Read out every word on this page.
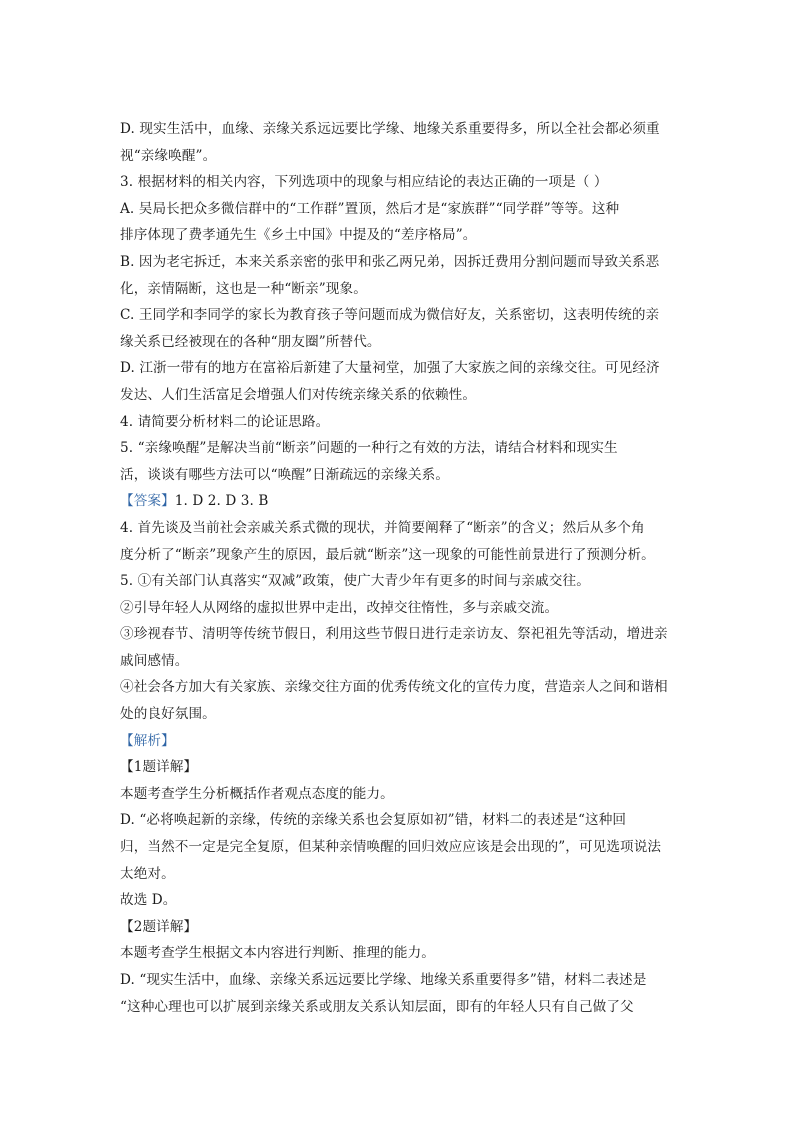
D. 现实生活中，血缘、亲缘关系远远要比学缘、地缘关系重要得多，所以全社会都必须重
视“亲缘唤醒”。
3. 根据材料的相关内容，下列选项中的现象与相应结论的表达正确的一项是（ ）
A. 吴局长把众多微信群中的“工作群”置顶，然后才是“家族群”“同学群”等等。这种
排序体现了费孝通先生《乡土中国》中提及的“差序格局”。
B. 因为老宅拆迁，本来关系亲密的张甲和张乙两兄弟，因拆迁费用分割问题而导致关系恶
化，亲情隔断，这也是一种“断亲”现象。
C. 王同学和李同学的家长为教育孩子等问题而成为微信好友，关系密切，这表明传统的亲
缘关系已经被现在的各种“朋友圈”所替代。
D. 江浙一带有的地方在富裕后新建了大量祠堂，加强了大家族之间的亲缘交往。可见经济
发达、人们生活富足会增强人们对传统亲缘关系的依赖性。
4. 请简要分析材料二的论证思路。
5. “亲缘唤醒”是解决当前“断亲”问题的一种行之有效的方法，请结合材料和现实生
活，谈谈有哪些方法可以“唤醒”日渐疏远的亲缘关系。
【答案】1. D 2. D 3. B
4. 首先谈及当前社会亲戚关系式微的现状，并简要阐释了“断亲”的含义；然后从多个角
度分析了“断亲”现象产生的原因，最后就“断亲”这一现象的可能性前景进行了预测分析。
5. ①有关部门认真落实“双减”政策，使广大青少年有更多的时间与亲戚交往。
②引导年轻人从网络的虚拟世界中走出，改掉交往惰性，多与亲戚交流。
③珍视春节、清明等传统节假日，利用这些节假日进行走亲访友、祭祀祖先等活动，增进亲
戚间感情。
④社会各方加大有关家族、亲缘交往方面的优秀传统文化的宣传力度，营造亲人之间和谐相
处的良好氛围。
【解析】
【1题详解】
本题考查学生分析概括作者观点态度的能力。
D. “必将唤起新的亲缘，传统的亲缘关系也会复原如初”错，材料二的表述是“这种回
归，当然不一定是完全复原，但某种亲情唤醒的回归效应应该是会出现的”，可见选项说法
太绝对。
故选 D。
【2题详解】
本题考查学生根据文本内容进行判断、推理的能力。
D. “现实生活中，血缘、亲缘关系远远要比学缘、地缘关系重要得多”错，材料二表述是
“这种心理也可以扩展到亲缘关系或朋友关系认知层面，即有的年轻人只有自己做了父
